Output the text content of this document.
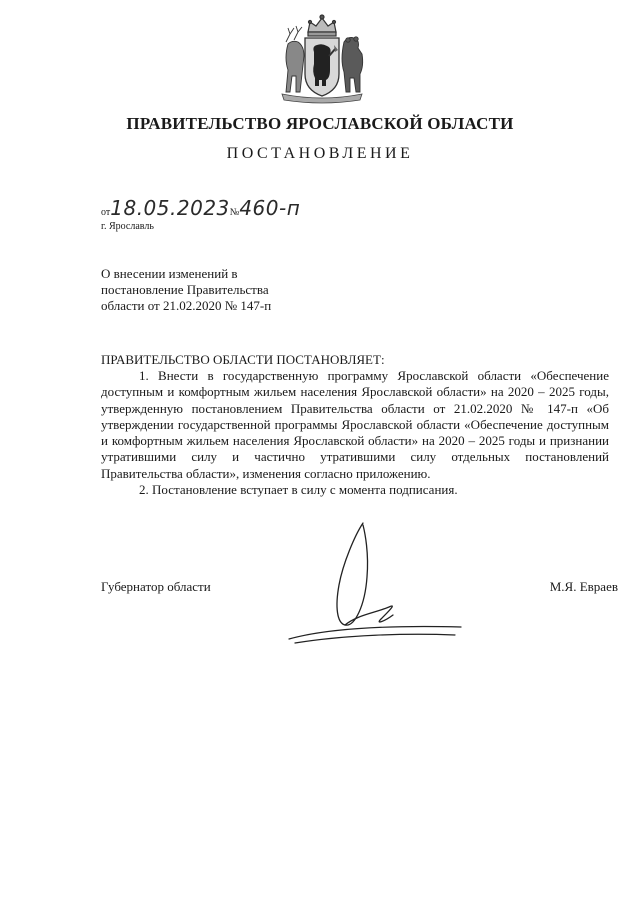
ПРАВИТЕЛЬСТВО ЯРОСЛАВСКОЙ ОБЛАСТИ
ПОСТАНОВЛЕНИЕ
от18.05.2023№460-п
г. Ярославль
О внесении изменений в
постановление Правительства
области от 21.02.2020 № 147-п
ПРАВИТЕЛЬСТВО ОБЛАСТИ ПОСТАНОВЛЯЕТ:

1. Внести в государственную программу Ярославской области «Обеспечение доступным и комфортным жильем населения Ярославской области» на 2020 – 2025 годы, утвержденную постановлением Правительства области от 21.02.2020 № 147-п «Об утверждении государственной программы Ярославской области «Обеспечение доступным и комфортным жильем населения Ярославской области» на 2020 – 2025 годы и признании утратившими силу и частично утратившими силу отдельных постановлений Правительства области», изменения согласно приложению.

2. Постановление вступает в силу с момента подписания.

Губернатор области	М.Я. Евраев
